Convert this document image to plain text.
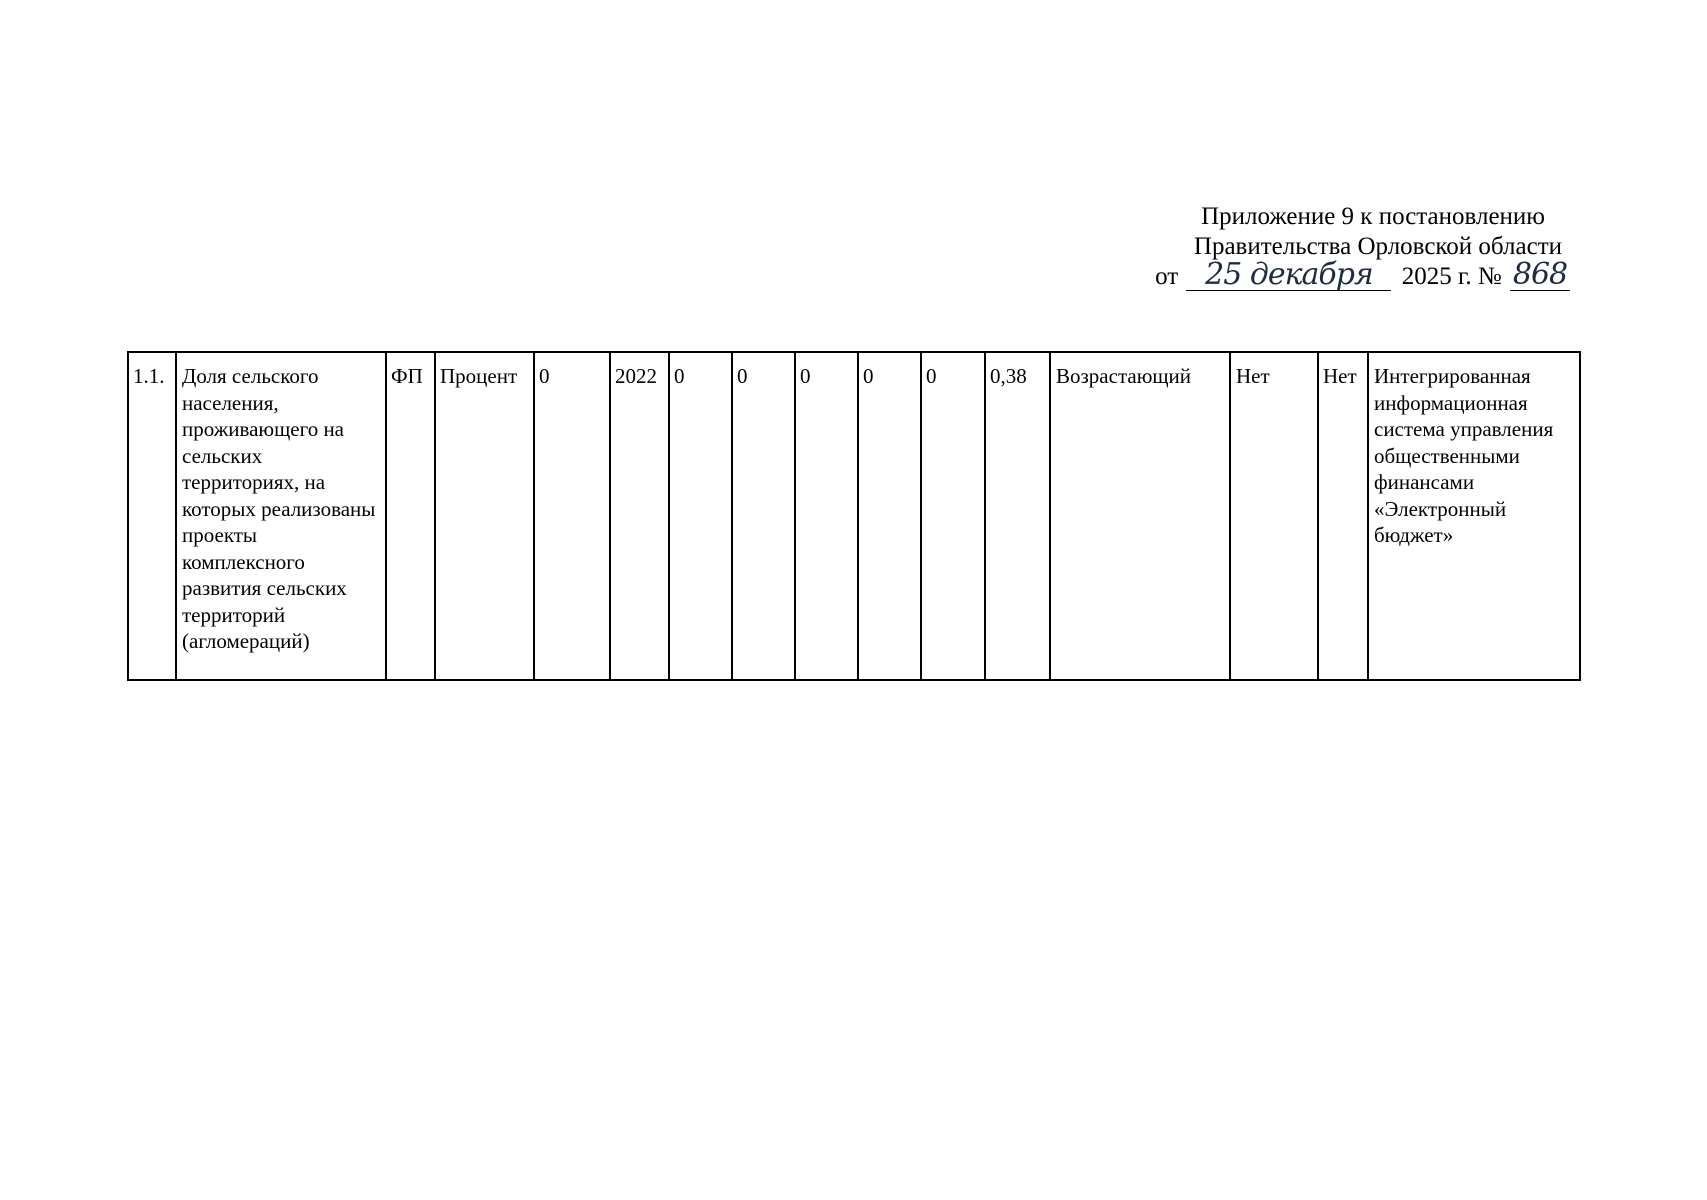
Приложение 9 к постановлению
Правительства Орловской области
от 25 декабря 2025 г. № 868
1.1.	Доля сельского населения, проживающего на сельских территориях, на которых реализованы проекты комплексного развития сельских территорий (агломераций)	ФП	Процент	0	2022	0	0	0	0	0	0,38	Возрастающий	Нет	Нет	Интегрированная информационная система управления общественными финансами «Электронный бюджет»
